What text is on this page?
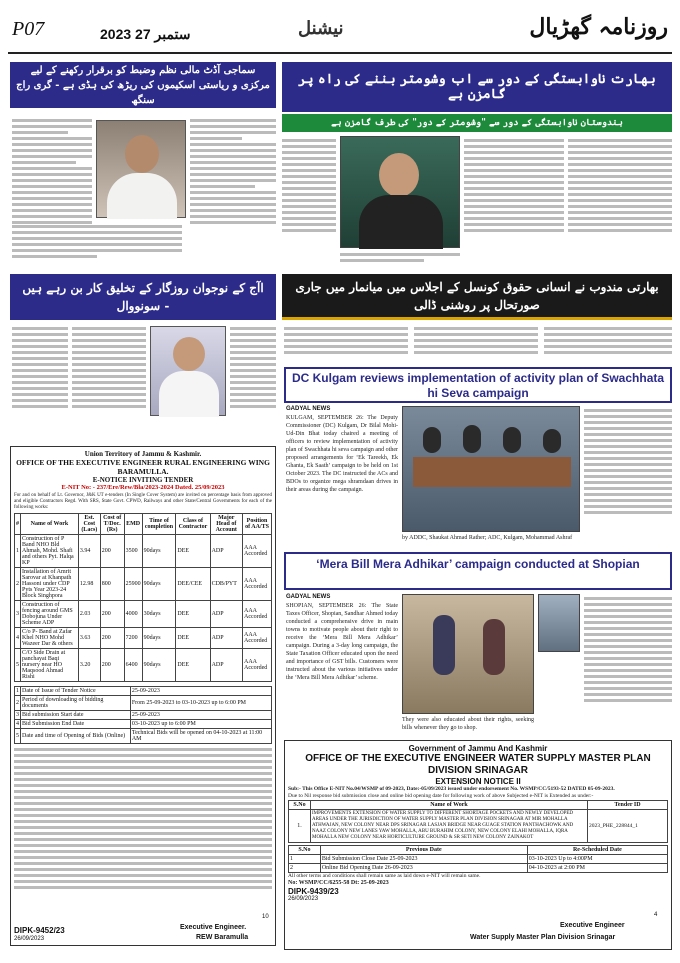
P07	2023 ستمبر 27	نیشنل	روزنامہ گھڑیال
سماجی آڈٹ مالی نظم وضبط کو برقرار رکھنے کے لیے مرکزی و ریاستی اسکیموں کی ریڑھ کی ہڈی ہے - گری راج سنگھ
بھارت ناوابستگی کے دور سے اب وشومتر بننے کی راہ پر گامزن ہے
ہندوستان ناوابستگی کے دور سے "وشومتر کے دور" کی طرف گامزن ہے
اآج کے نوجوان روزگار کے تخلیق کار بن رہے ہیں - سونووال
بھارتی مندوب نے انسانی حقوق کونسل کے اجلاس میں میانمار میں جاری صورتحال پر روشنی ڈالی
DC Kulgam reviews implementation of activity plan of Swachhata hi Seva campaign
GADYAL NEWS
KULGAM, SEPTEMBER 26: The Deputy Commissioner (DC) Kulgam, Dr Bilal Mohi-Ud-Din Bhat today chaired a meeting of officers to review implementation of activity plan of Swachhata hi seva campaign and other proposed arrangements for ‘Ek Tareekh, Ek Ghanta, Ek Saath’ campaign to be held on 1st October 2023. The DC instructed the ACs and BDOs to organize mega shramdaan drives in their areas during the campaign.
by ADDC, Shaukat Ahmad Rather; ADC, Kulgam, Mohammad Ashraf
‘Mera Bill Mera Adhikar’ campaign conducted at Shopian
GADYAL NEWS
SHOPIAN, SEPTEMBER 26: The State Taxes Officer, Shopian, Sandhar Ahmed today conducted a comprehensive drive in main towns to motivate people about their right to receive the ‘Mera Bill Mera Adhikar’ campaign. During a 3-day long campaign, the State Taxation Officer educated upon the need and importance of GST bills. Customers were instructed about the various initiatives under the ‘Mera Bill Mera Adhikar’ scheme.
They were also educated about their rights, seeking bills whenever they go to shop.
Union Territory of Jammu & Kashmir.
OFFICE OF THE EXECUTIVE ENGINEER RURAL ENGINEERING WING BARAMULLA.
E-NOTICE INVITING TENDER
E-NIT No: - 237/Ere/Rew/Bla/2023-2024 Dated. 25/09/2023
For and on behalf of Lt. Governor, J&K UT e-tenders (In Single Cover System) are invited on percentage basis from approved and eligible Contractors Regd. With SRS, State Govt. CPWD, Railways and other State/Central Governments for each of the following works:
#	Name of Work	Est. Cost (Lacs)	Cost of T/Doc. (Rs)	EMD	Time of completion	Class of Contractor	Major Head of Account	Position of AA/TS
1	Construction of P Band NHO Bld Ahmah, Mohd. Shafi and others Pyt. Halqa KP	3.94	200	3500	90days	DEE	ADP	AAA Accorded
2	Installation of Amrit Sarovar at Khanpath Hassoni under CDP Pyts Year 2023-24 Block Singhpora	12.98	800	25900	90days	DEE/CEE	CDB/PYT	AAA Accorded
3	Construction of fencing around GMS Dobojuna Under Scheme ADP	2.03	200	4000	30days	DEE	ADP	AAA Accorded
4	C/o P- Band at Zafar Khel NHO Mohd Wazeer Dar & others	3.63	200	7200	90days	DEE	ADP	AAA Accorded
5	C/O Side Drain at panchayat Baqi nursery near HO Maqsood Ahmad Rishi	3.20	200	6400	90days	DEE	ADP	AAA Accorded
1	Date of Issue of Tender Notice	25-09-2023
2	Period of downloading of bidding documents	From 25-09-2023 to 03-10-2023 up to 6:00 PM
3	Bid submission Start date	25-09-2023
4	Bid Submission End Date	03-10-2023 up to 6:00 PM
5	Date and time of Opening of Bids (Online)	Technical Bids will be opened on 04-10-2023 at 11:00 AM
DIPK-9452/23
26/09/2023
10
Executive Engineer.
REW Baramulla
Government of Jammu And Kashmir
OFFICE OF THE EXECUTIVE ENGINEER WATER SUPPLY MASTER PLAN DIVISION SRINAGAR
EXTENSION NOTICE II
Sub:- This Office E-NIT No.04/WSMP of 09-2023, Date:-05/09/2023 issued under endorsement No. WSMP/CC/5193-52 DATED 05-09-2023.
Due to Nil response bid submission close and online bid opening date for following work of above Subjected e-NIT is Extended as under:-
S.No	Name of Work	Tender ID
1.	IMPROVEMENTS EXTENSION OF WATER SUPPLY TO DIFFERENT SHORTAGE POCKETS AND NEWLY DEVELOPED AREAS UNDER THE JURISDICTION OF WATER SUPPLY MASTER PLAN DIVISION SRINAGAR AT MIR MOHALLA ATHWAJAN, NEW COLONY NEAR DPS SRINAGAR LASJAN BRIDGE NEAR GUAGE STATION PANTHACHOWK AND NAAZ COLONY NEW LANES YAW MOHALLA, ABU BURAHIM COLONY, NEW COLONY ELAHI MOHALLA, IQRA MOHALLA NEW COLONY NEAR HORTICULTURE GROUND & SR SETI NEW COLONY ZAINAKOT	2023_PHE_228844_1
S.No	Previous Date	Re-Scheduled Date
1	Bid Submission Close Date 25-09-2023	03-10-2023 Up to 4:00PM
2	Online Bid Opening Date 26-09-2023	04-10-2023 at 2:00 PM
All other terms and conditions shall remain same as laid down e-NIT will remain same.
No: WSMP/CC/6255-58 Dt: 25-09-2023
DIPK-9439/23
26/09/2023
4
Executive Engineer
Water Supply Master Plan Division Srinagar
